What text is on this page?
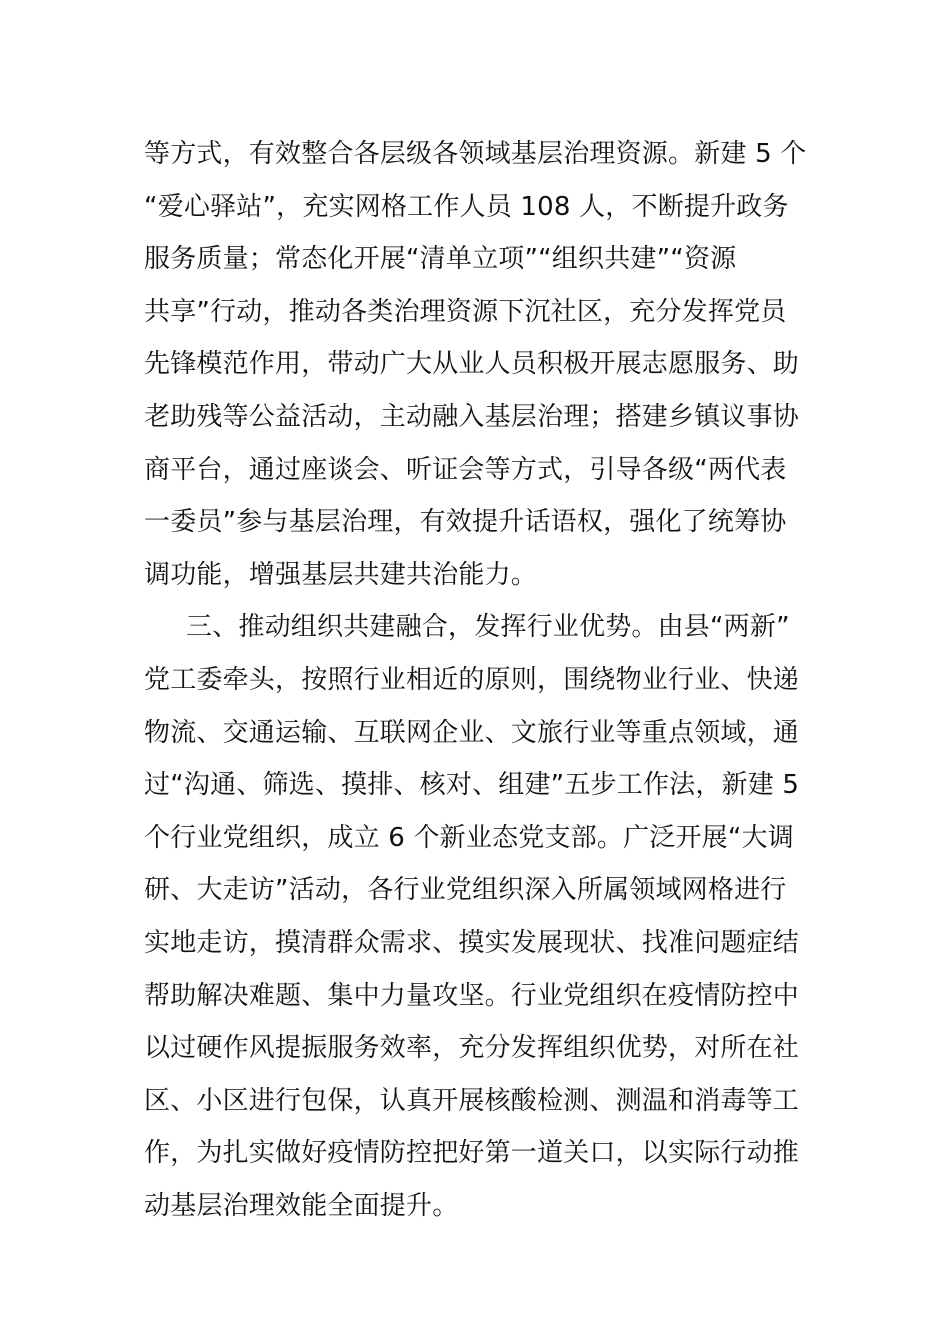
等方式，有效整合各层级各领域基层治理资源。新建 5 个
“爱心驿站”，充实网格工作人员 108 人，不断提升政务
服务质量；常态化开展“清单立项”“组织共建”“资源
共享”行动，推动各类治理资源下沉社区，充分发挥党员
先锋模范作用，带动广大从业人员积极开展志愿服务、助
老助残等公益活动，主动融入基层治理；搭建乡镇议事协
商平台，通过座谈会、听证会等方式，引导各级“两代表
一委员”参与基层治理，有效提升话语权，强化了统筹协
调功能，增强基层共建共治能力。
三、推动组织共建融合，发挥行业优势。由县“两新”
党工委牵头，按照行业相近的原则，围绕物业行业、快递
物流、交通运输、互联网企业、文旅行业等重点领域，通
过“沟通、筛选、摸排、核对、组建”五步工作法，新建 5
个行业党组织，成立 6 个新业态党支部。广泛开展“大调
研、大走访”活动，各行业党组织深入所属领域网格进行
实地走访，摸清群众需求、摸实发展现状、找准问题症结
帮助解决难题、集中力量攻坚。行业党组织在疫情防控中
以过硬作风提振服务效率，充分发挥组织优势，对所在社
区、小区进行包保，认真开展核酸检测、测温和消毒等工
作，为扎实做好疫情防控把好第一道关口，以实际行动推
动基层治理效能全面提升。
